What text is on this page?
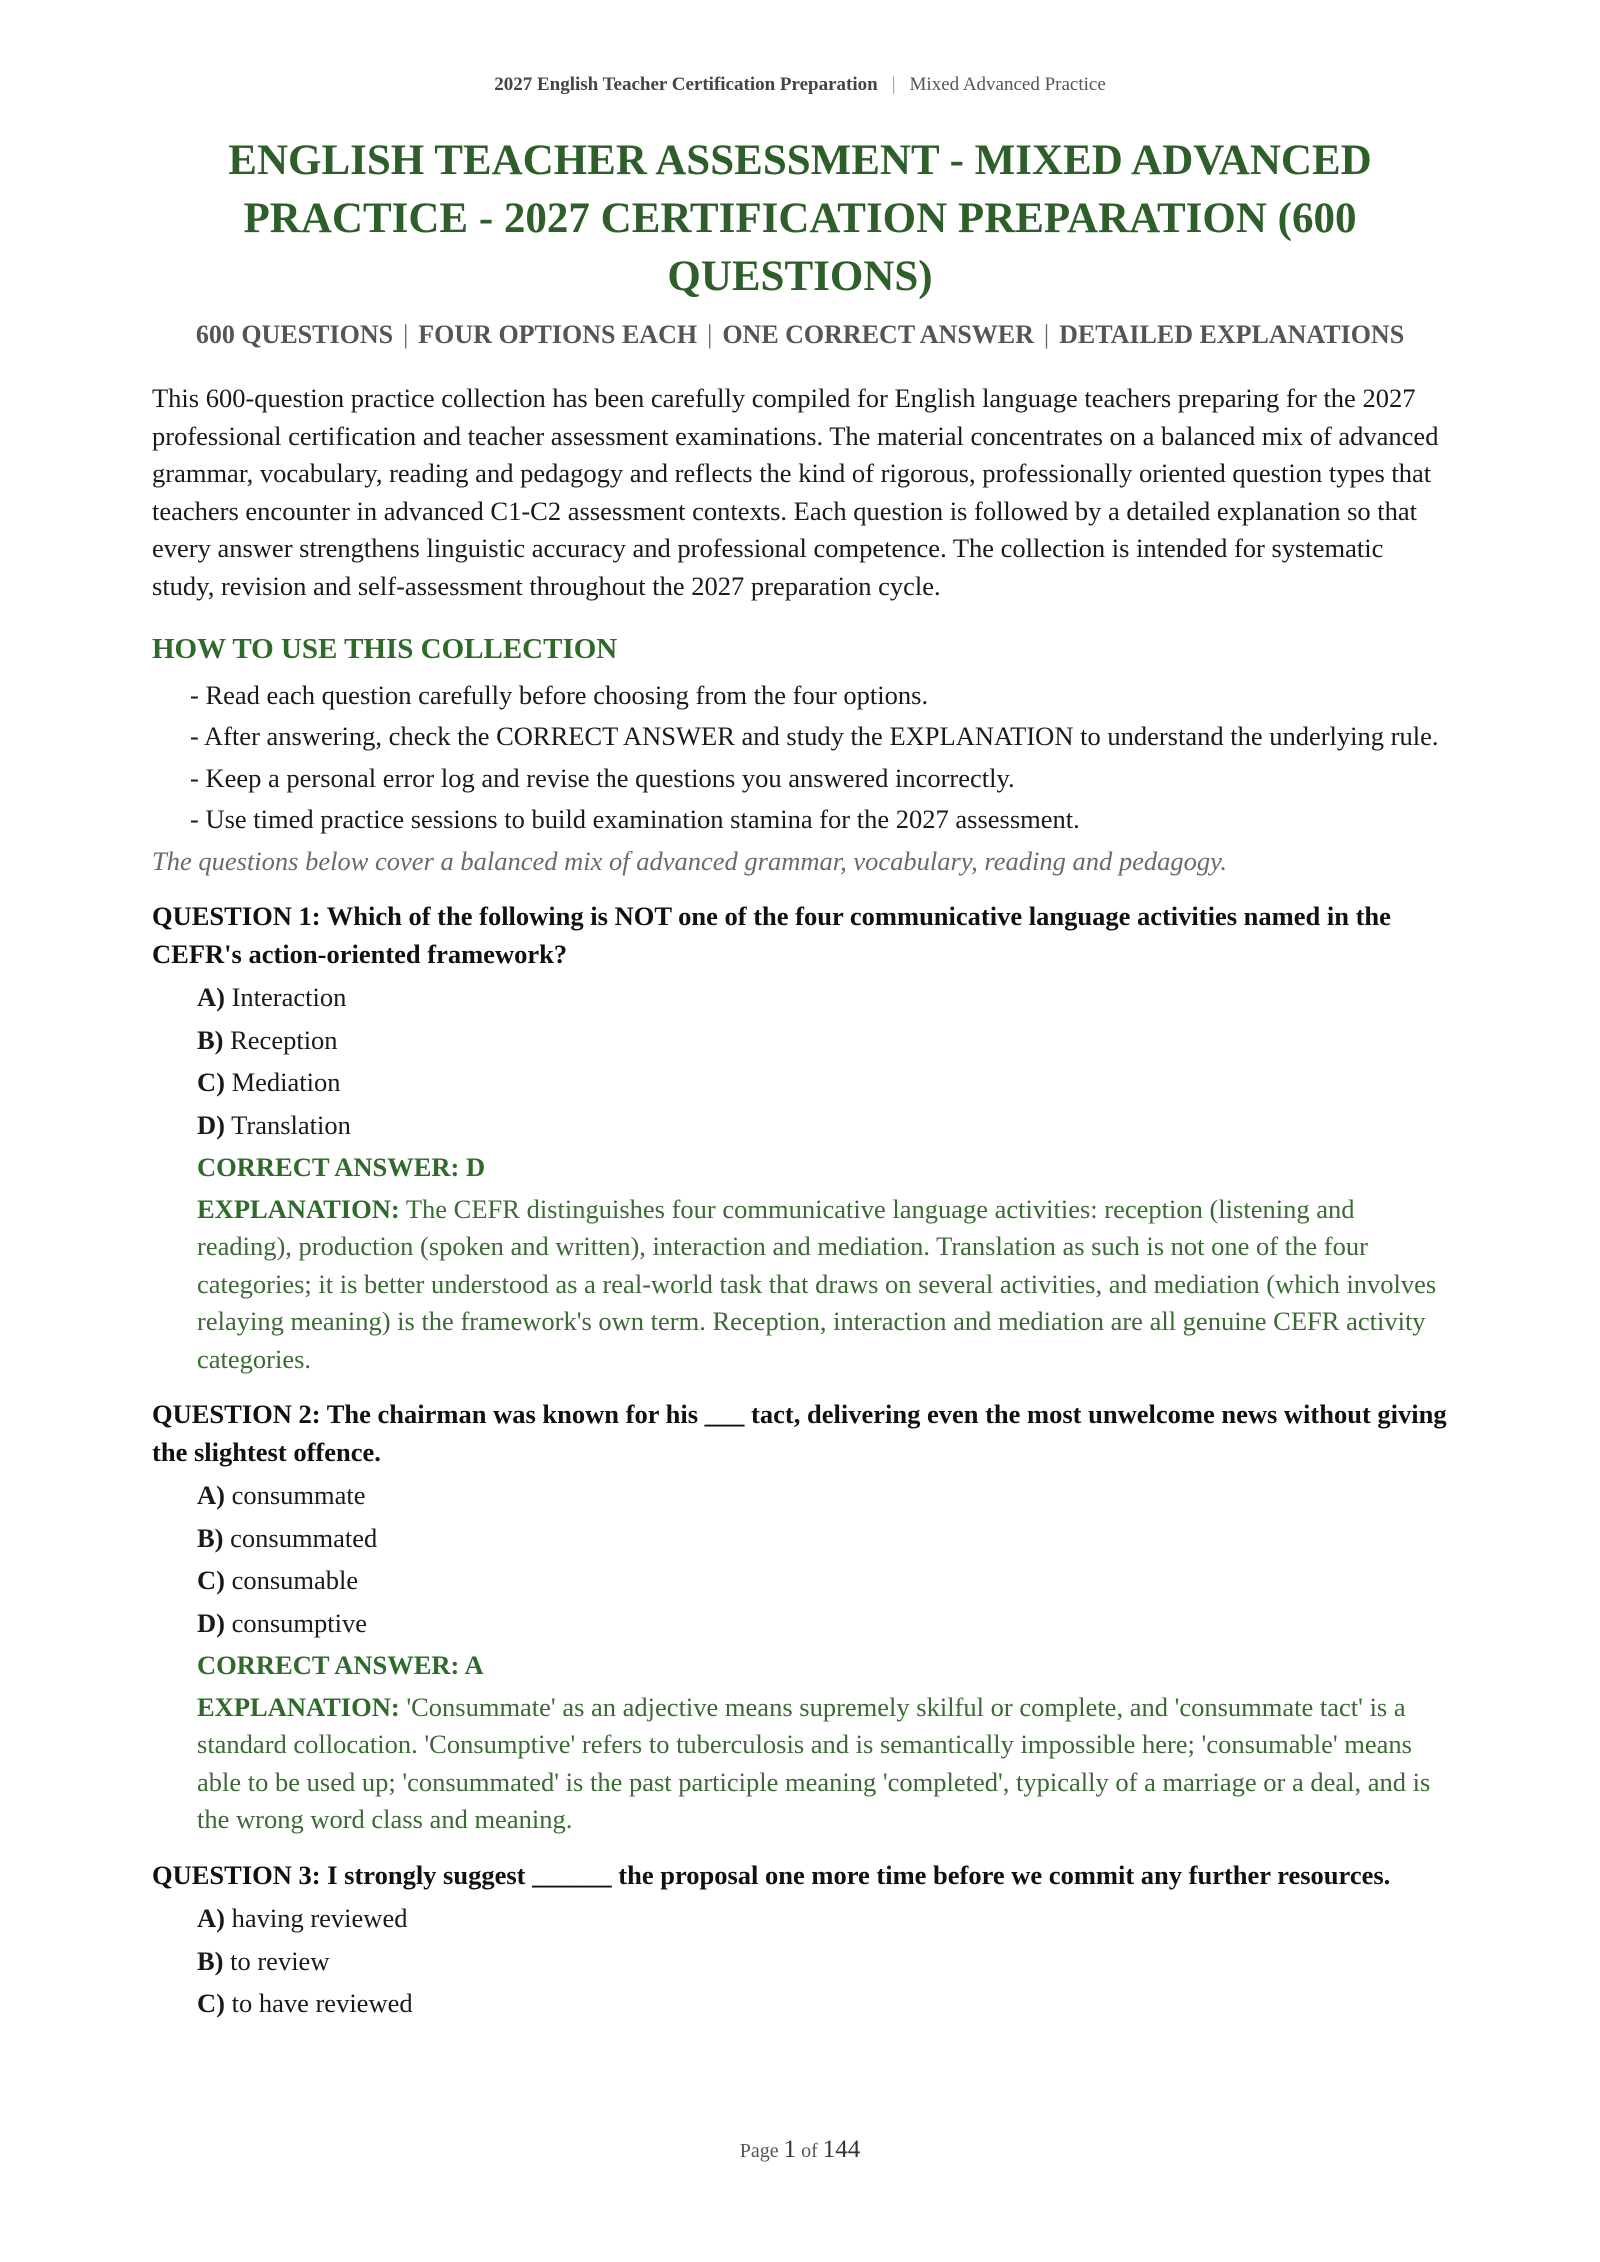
2027 English Teacher Certification Preparation | Mixed Advanced Practice
ENGLISH TEACHER ASSESSMENT - MIXED ADVANCED PRACTICE - 2027 CERTIFICATION PREPARATION (600 QUESTIONS)
600 QUESTIONS | FOUR OPTIONS EACH | ONE CORRECT ANSWER | DETAILED EXPLANATIONS

This 600-question practice collection has been carefully compiled for English language teachers preparing for the 2027 professional certification and teacher assessment examinations. The material concentrates on a balanced mix of advanced grammar, vocabulary, reading and pedagogy and reflects the kind of rigorous, professionally oriented question types that teachers encounter in advanced C1-C2 assessment contexts. Each question is followed by a detailed explanation so that every answer strengthens linguistic accuracy and professional competence. The collection is intended for systematic study, revision and self-assessment throughout the 2027 preparation cycle.

HOW TO USE THIS COLLECTION
- Read each question carefully before choosing from the four options.
- After answering, check the CORRECT ANSWER and study the EXPLANATION to understand the underlying rule.
- Keep a personal error log and revise the questions you answered incorrectly.
- Use timed practice sessions to build examination stamina for the 2027 assessment.
The questions below cover a balanced mix of advanced grammar, vocabulary, reading and pedagogy.
QUESTION 1: Which of the following is NOT one of the four communicative language activities named in the CEFR's action-oriented framework?
A) Interaction
B) Reception
C) Mediation
D) Translation
CORRECT ANSWER: D
EXPLANATION: The CEFR distinguishes four communicative language activities: reception (listening and reading), production (spoken and written), interaction and mediation. Translation as such is not one of the four categories; it is better understood as a real-world task that draws on several activities, and mediation (which involves relaying meaning) is the framework's own term. Reception, interaction and mediation are all genuine CEFR activity categories.
QUESTION 2: The chairman was known for his ___ tact, delivering even the most unwelcome news without giving the slightest offence.
A) consummate
B) consummated
C) consumable
D) consumptive
CORRECT ANSWER: A
EXPLANATION: 'Consummate' as an adjective means supremely skilful or complete, and 'consummate tact' is a standard collocation. 'Consumptive' refers to tuberculosis and is semantically impossible here; 'consumable' means able to be used up; 'consummated' is the past participle meaning 'completed', typically of a marriage or a deal, and is the wrong word class and meaning.
QUESTION 3: I strongly suggest ______ the proposal one more time before we commit any further resources.
A) having reviewed
B) to review
C) to have reviewed
Page 1 of 144
